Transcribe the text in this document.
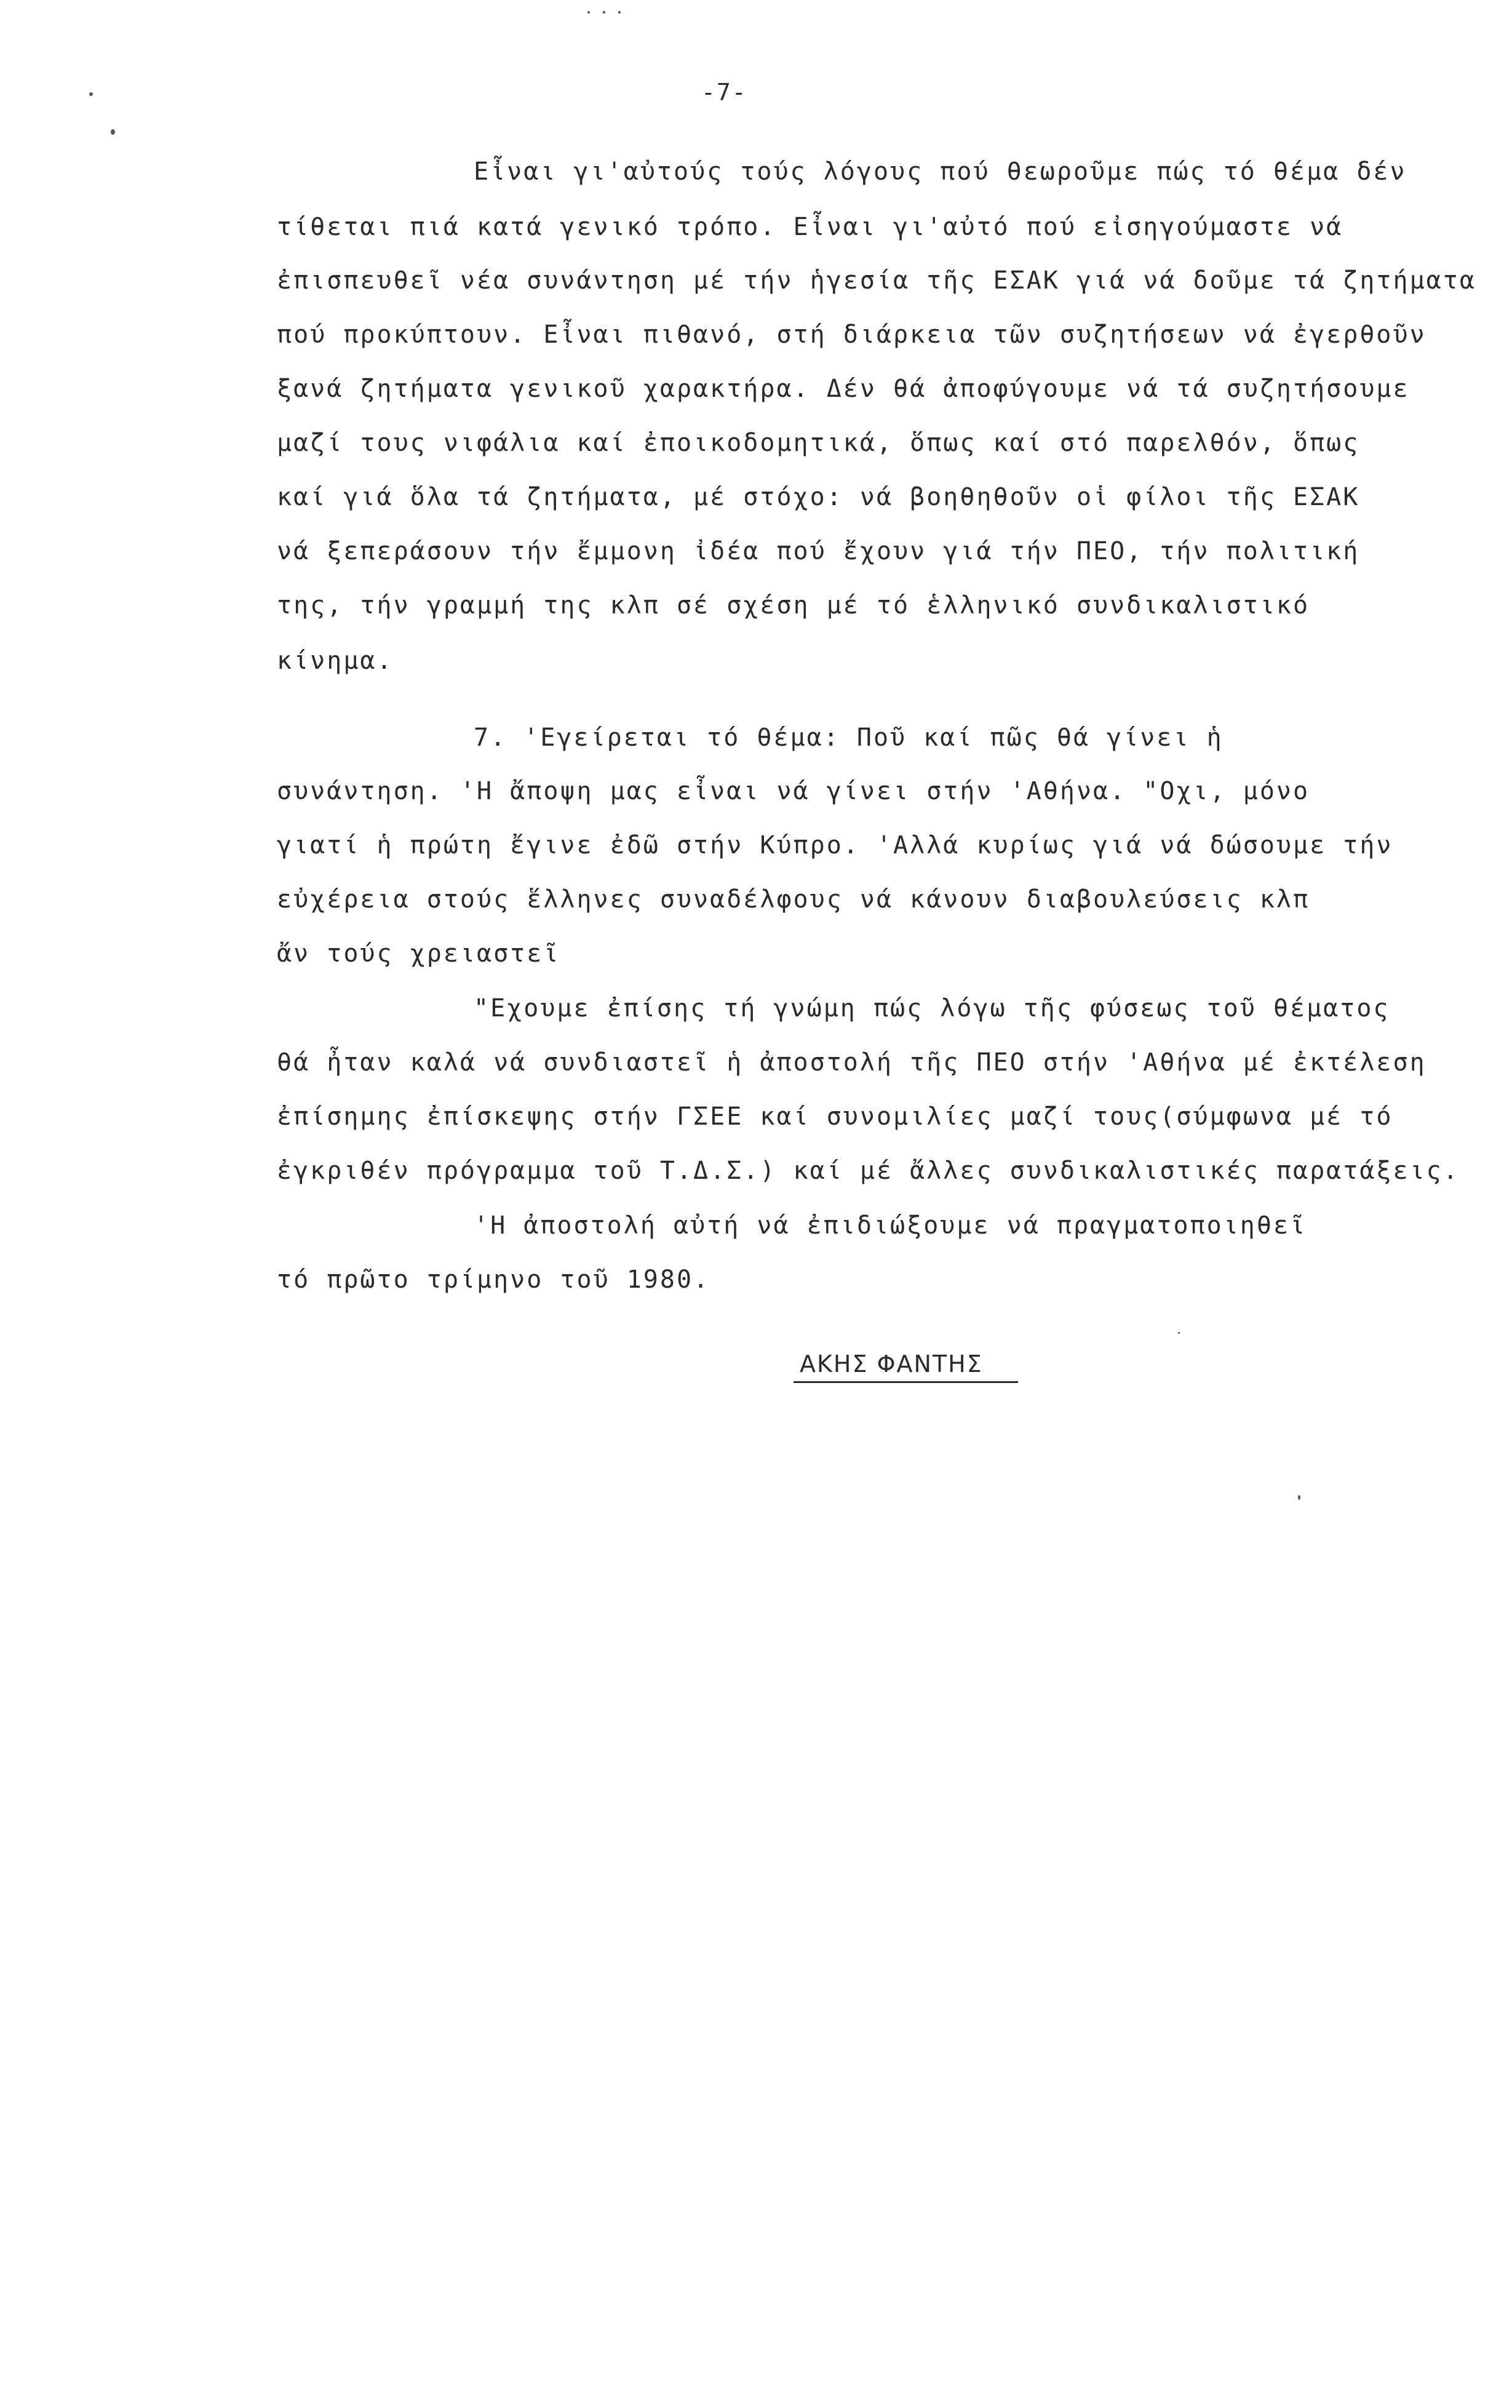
-7-
Εἶναι γι'αὐτούς τούς λόγους πού θεωροῦμε πώς τό θέμα δέν
τίθεται πιά κατά γενικό τρόπο. Εἶναι γι'αὐτό πού εἰσηγούμαστε νά
ἐπισπευθεῖ νέα συνάντηση μέ τήν ἡγεσία τῆς ΕΣΑΚ γιά νά δοῦμε τά ζητήματα
πού προκύπτουν. Εἶναι πιθανό, στή διάρκεια τῶν συζητήσεων νά ἐγερθοῦν
ξανά ζητήματα γενικοῦ χαρακτήρα. Δέν θά ἀποφύγουμε νά τά συζητήσουμε
μαζί τους νιφάλια καί ἐποικοδομητικά, ὅπως καί στό παρελθόν, ὅπως
καί γιά ὅλα τά ζητήματα, μέ στόχο: νά βοηθηθοῦν οἱ φίλοι τῆς ΕΣΑΚ
νά ξεπεράσουν τήν ἔμμονη ἰδέα πού ἔχουν γιά τήν ΠΕΟ, τήν πολιτική
της, τήν γραμμή της κλπ σέ σχέση μέ τό ἑλληνικό συνδικαλιστικό
κίνημα.
7. 'Εγείρεται τό θέμα: Ποῦ καί πῶς θά γίνει ἡ
συνάντηση. 'Η ἄποψη μας εἶναι νά γίνει στήν 'Αθήνα. "Οχι, μόνο
γιατί ἡ πρώτη ἔγινε ἐδῶ στήν Κύπρο. 'Αλλά κυρίως γιά νά δώσουμε τήν
εὐχέρεια στούς ἕλληνες συναδέλφους νά κάνουν διαβουλεύσεις κλπ
ἄν τούς χρειαστεῖ
"Εχουμε ἐπίσης τή γνώμη πώς λόγω τῆς φύσεως τοῦ θέματος
θά ἦταν καλά νά συνδιαστεῖ ἡ ἀποστολή τῆς ΠΕΟ στήν 'Αθήνα μέ ἐκτέλεση
ἐπίσημης ἐπίσκεψης στήν ΓΣΕΕ καί συνομιλίες μαζί τους(σύμφωνα μέ τό
ἐγκριθέν πρόγραμμα τοῦ Τ.Δ.Σ.) καί μέ ἄλλες συνδικαλιστικές παρατάξεις.
'Η ἀποστολή αὐτή νά ἐπιδιώξουμε νά πραγματοποιηθεῖ
τό πρῶτο τρίμηνο τοῦ 1980.
ΑΚΗΣ ΦΑΝΤΗΣ
